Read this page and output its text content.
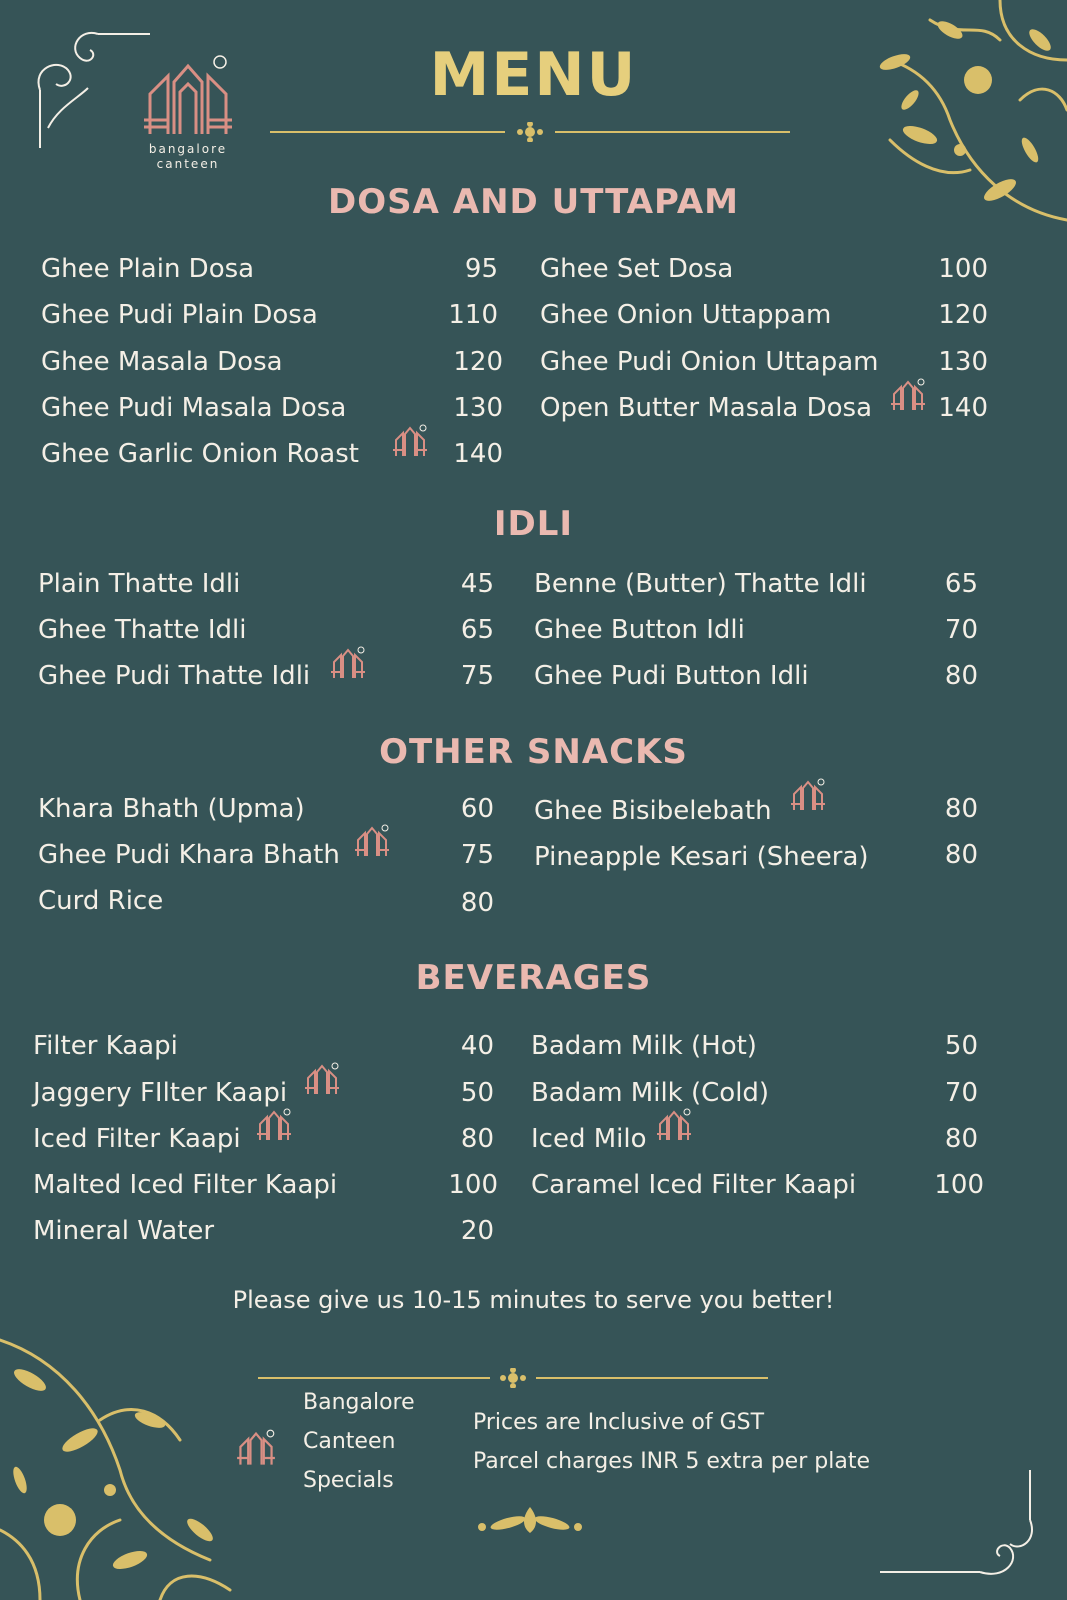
bangalore
canteen
MENU
DOSA AND UTTAPAM
IDLI
OTHER SNACKS
BEVERAGES
Ghee Plain Dosa	95
Ghee Pudi Plain Dosa	110
Ghee Masala Dosa	120
Ghee Pudi Masala Dosa	130
Ghee Garlic Onion Roast	140
Ghee Set Dosa	100
Ghee Onion Uttappam	120
Ghee Pudi Onion Uttapam	130
Open Butter Masala Dosa	140
Plain Thatte Idli	45
Ghee Thatte Idli	65
Ghee Pudi Thatte Idli	75
Benne (Butter) Thatte Idli	65
Ghee Button Idli	70
Ghee Pudi Button Idli	80
Khara Bhath (Upma)	60
Ghee Pudi Khara Bhath	75
Curd Rice	80
Ghee Bisibelebath	80
Pineapple Kesari (Sheera)	80
Filter Kaapi	40
Jaggery FIlter Kaapi	50
Iced Filter Kaapi	80
Malted Iced Filter Kaapi	100
Mineral Water	20
Badam Milk (Hot)	50
Badam Milk (Cold)	70
Iced Milo	80
Caramel Iced Filter Kaapi	100
Please give us 10-15 minutes to serve you better!
Bangalore
Canteen
Specials
Prices are Inclusive of GST
Parcel charges INR 5 extra per plate
